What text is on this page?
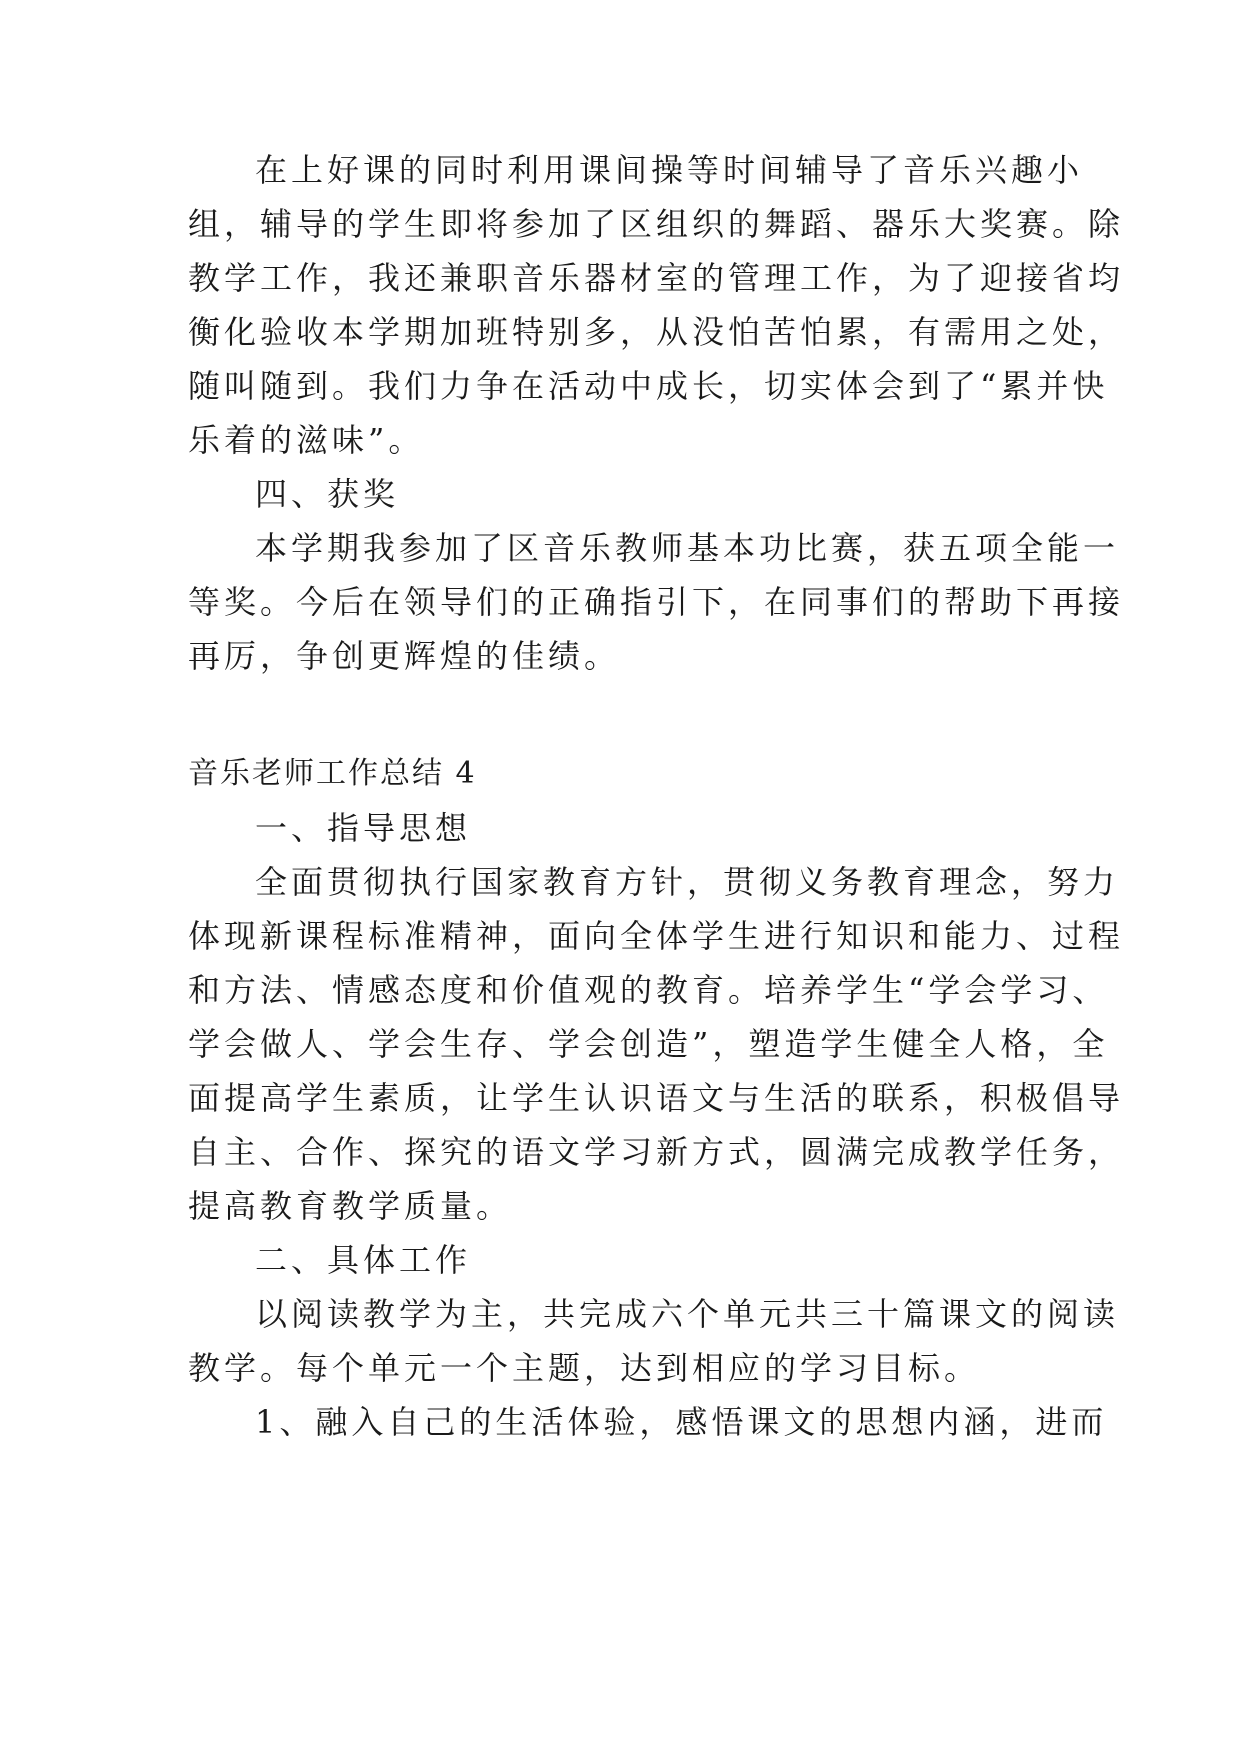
在上好课的同时利用课间操等时间辅导了音乐兴趣小
组，辅导的学生即将参加了区组织的舞蹈、器乐大奖赛。除
教学工作，我还兼职音乐器材室的管理工作，为了迎接省均
衡化验收本学期加班特别多，从没怕苦怕累，有需用之处，
随叫随到。我们力争在活动中成长，切实体会到了“累并快
乐着的滋味”。
四、获奖
本学期我参加了区音乐教师基本功比赛，获五项全能一
等奖。今后在领导们的正确指引下，在同事们的帮助下再接
再厉，争创更辉煌的佳绩。
音乐老师工作总结 4
一、指导思想
全面贯彻执行国家教育方针，贯彻义务教育理念，努力
体现新课程标准精神，面向全体学生进行知识和能力、过程
和方法、情感态度和价值观的教育。培养学生“学会学习、
学会做人、学会生存、学会创造”，塑造学生健全人格，全
面提高学生素质，让学生认识语文与生活的联系，积极倡导
自主、合作、探究的语文学习新方式，圆满完成教学任务，
提高教育教学质量。
二、具体工作
以阅读教学为主，共完成六个单元共三十篇课文的阅读
教学。每个单元一个主题，达到相应的学习目标。
1、融入自己的生活体验，感悟课文的思想内涵，进而
